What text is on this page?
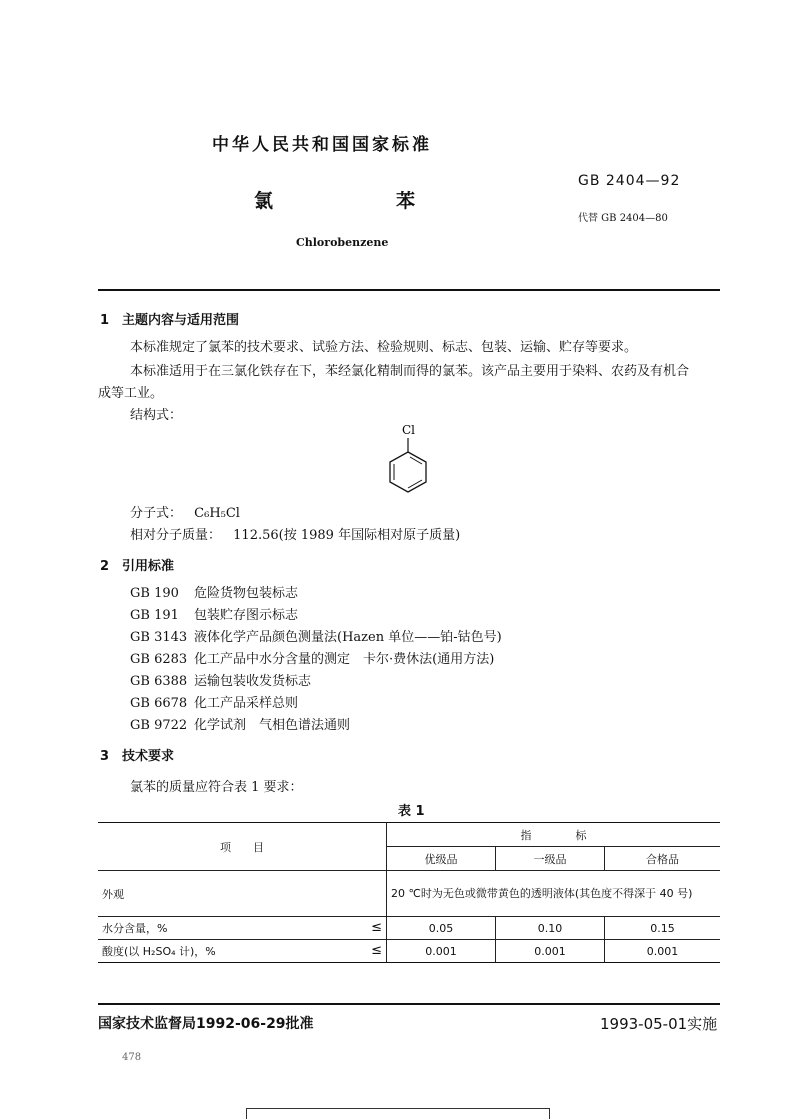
中华人民共和国国家标准
氯	苯
Chlorobenzene
GB 2404—92
代替 GB 2404—80
1　主题内容与适用范围
本标准规定了氯苯的技术要求、试验方法、检验规则、标志、包装、运输、贮存等要求。
本标准适用于在三氯化铁存在下，苯经氯化精制而得的氯苯。该产品主要用于染料、农药及有机合
成等工业。
结构式：
Cl
分子式： C₆H₅Cl
相对分子质量： 112.56(按 1989 年国际相对原子质量)
2　引用标准
GB 190 危险货物包装标志
GB 191 包装贮存图示标志
GB 3143 液体化学产品颜色测量法(Hazen 单位——铂-钴色号)
GB 6283 化工产品中水分含量的测定　卡尔·费休法(通用方法)
GB 6388 运输包装收发货标志
GB 6678 化工产品采样总则
GB 9722 化学试剂　气相色谱法通则
3　技术要求
氯苯的质量应符合表 1 要求：
表 1
项　　目	指　　　　标		
	优级品	一级品	合格品
外观	20 ℃时为无色或微带黄色的透明液体(其色度不得深于 40 号)		
水分含量，% ≤	0.05	0.10	0.15
酸度(以 H₂SO₄ 计)，% ≤	0.001	0.001	0.001
国家技术监督局1992-06-29批准	1993-05-01实施
478
